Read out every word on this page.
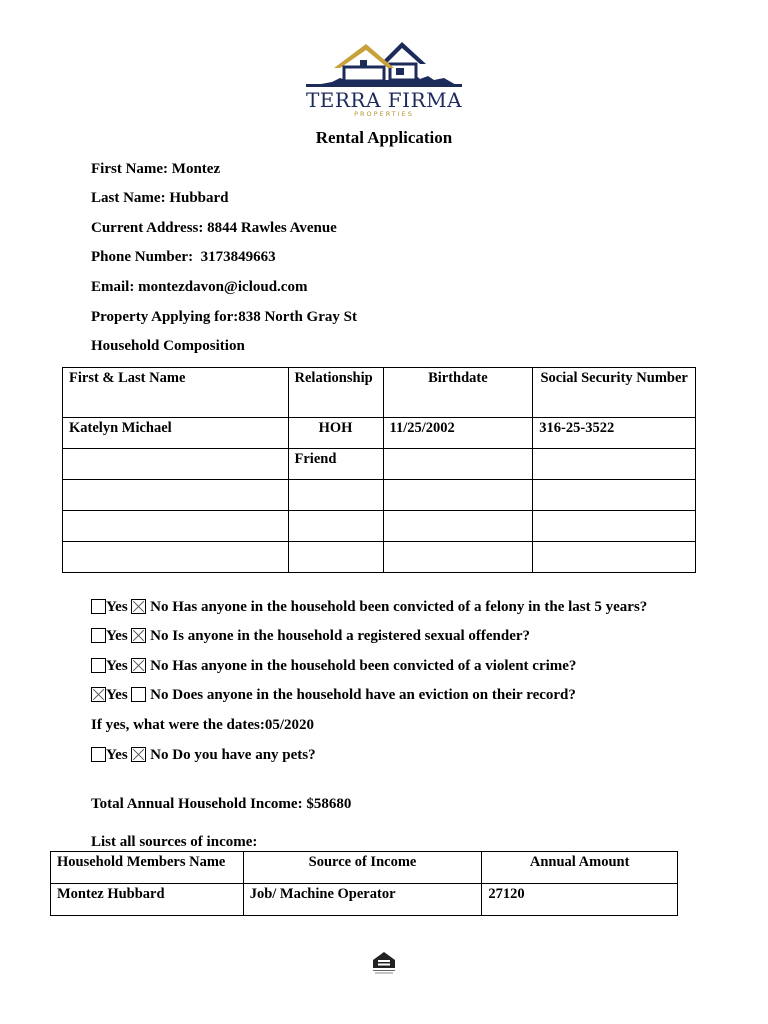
TERRA FIRMA
PROPERTIES
Rental Application
First Name: Montez
Last Name: Hubbard
Current Address: 8844 Rawles Avenue
Phone Number:  3173849663
Email: montezdavon@icloud.com
Property Applying for:838 North Gray St
Household Composition
First & Last Name	Relationship	Birthdate	Social Security Number
Katelyn Michael	HOH	11/25/2002	316-25-3522
	Friend		

Yes No Has anyone in the household been convicted of a felony in the last 5 years?
Yes No Is anyone in the household a registered sexual offender?
Yes No Has anyone in the household been convicted of a violent crime?
Yes No Does anyone in the household have an eviction on their record?
If yes, what were the dates:05/2020
Yes No Do you have any pets?
Total Annual Household Income: $58680
List all sources of income:
Household Members Name	Source of Income	Annual Amount
Montez Hubbard	Job/ Machine Operator	27120
